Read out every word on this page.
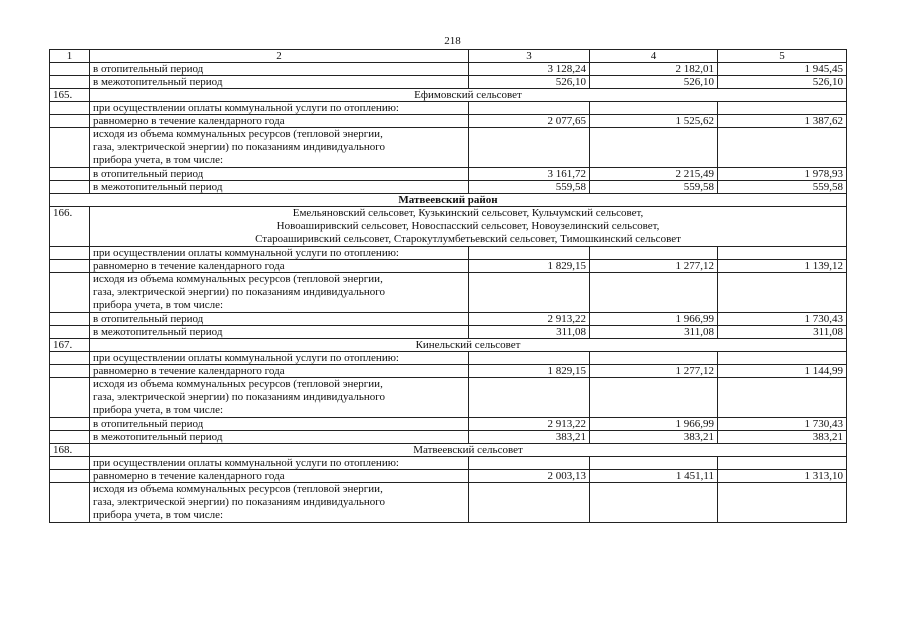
218
1	2	3	4	5
	в отопительный период	3 128,24	2 182,01	1 945,45
	в межотопительный период	526,10	526,10	526,10
165.	Ефимовский сельсовет			
	при осуществлении оплаты коммунальной услуги по отоплению:			
	равномерно в течение календарного года	2 077,65	1 525,62	1 387,62

	исходя из объема коммунальных ресурсов (тепловой энергии,
газа, электрической энергии) по показаниям индивидуального
прибора учета, в том числе:			

	в отопительный период	3 161,72	2 215,49	1 978,93
	в межотопительный период	559,58	559,58	559,58
Матвеевский район				
166.	Емельяновский сельсовет, Кузькинский сельсовет, Кульчумский сельсовет,
Новоаширивский сельсовет, Новоспасский сельсовет, Новоузелинский сельсовет,
Староаширивский сельсовет, Старокутлумбетьевский сельсовет, Тимошкинский сельсовет			

	при осуществлении оплаты коммунальной услуги по отоплению:			
	равномерно в течение календарного года	1 829,15	1 277,12	1 139,12

	исходя из объема коммунальных ресурсов (тепловой энергии,
газа, электрической энергии) по показаниям индивидуального
прибора учета, в том числе:			

	в отопительный период	2 913,22	1 966,99	1 730,43
	в межотопительный период	311,08	311,08	311,08
167.	Кинельский сельсовет			
	при осуществлении оплаты коммунальной услуги по отоплению:			
	равномерно в течение календарного года	1 829,15	1 277,12	1 144,99

	исходя из объема коммунальных ресурсов (тепловой энергии,
газа, электрической энергии) по показаниям индивидуального
прибора учета, в том числе:			

	в отопительный период	2 913,22	1 966,99	1 730,43
	в межотопительный период	383,21	383,21	383,21
168.	Матвеевский сельсовет			
	при осуществлении оплаты коммунальной услуги по отоплению:			
	равномерно в течение календарного года	2 003,13	1 451,11	1 313,10

	исходя из объема коммунальных ресурсов (тепловой энергии,
газа, электрической энергии) по показаниям индивидуального
прибора учета, в том числе:			
